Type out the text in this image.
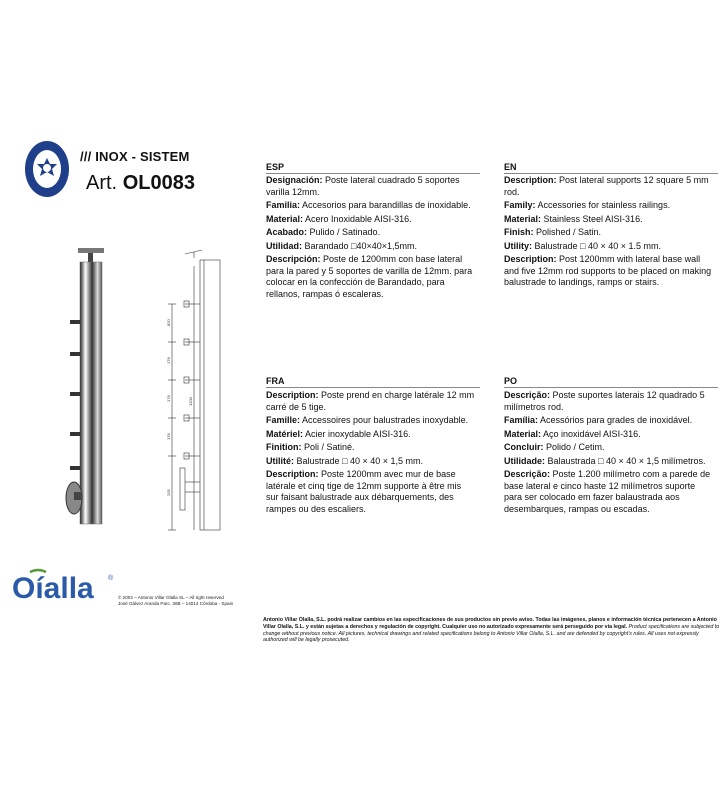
/// INOX - SISTEM
Art. OL0083
820
178
178
178
205
1200
ESP

Designación: Poste lateral cuadrado 5 soportes varilla 12mm.

Familia: Accesorios para barandillas de inoxidable.

Material: Acero Inoxidable AISI-316.

Acabado: Pulido / Satinado.

Utilidad: Barandado □40×40×1,5mm.

Descripción: Poste de 1200mm con base lateral para la pared y 5 soportes de varilla de 12mm. para colocar en la confección de Barandado, para rellanos, rampas ó escaleras.

EN

Description: Post lateral supports 12 square 5 mm rod.

Family: Accessories for stainless railings.

Material: Stainless Steel AISI-316.

Finish: Polished / Satin.

Utility: Balustrade □ 40 × 40 × 1.5 mm.

Description: Post 1200mm with lateral base wall and five 12mm rod supports to be placed on making balustrade to landings, ramps or stairs.

FRA

Description: Poste prend en charge latérale 12 mm carré de 5 tige.

Famille: Accessoires pour balustrades inoxydable.

Matériel: Acier inoxydable AISI-316.

Finition: Poli / Satiné.

Utilité: Balustrade □ 40 × 40 × 1,5 mm.

Description: Poste 1200mm avec mur de base latérale et cinq tige de 12mm supporte à être mis sur faisant balustrade aux débarquements, des rampes ou des escaliers.

PO

Descrição: Poste suportes laterais 12 quadrado 5 milímetros rod.

Família: Acessórios para grades de inoxidável.

Material: Aço inoxidável AISI-316.

Concluir: Polido / Cetim.

Utilidade: Balaustrada □ 40 × 40 × 1,5 milímetros.

Descrição: Poste 1.200 milímetro com a parede de base lateral e cinco haste 12 milímetros suporte para ser colocado em fazer balaustrada aos desembarques, rampas ou escadas.

Oíalla ®
© 2002 – Antonio Villar Olalla SL – All right reserved
José Gálvez Aranda Parc. 36B – 14014 Córdoba - Spain
Antonio Villar Olalla, S.L. podrá realizar cambios en las especificaciones de sus productos sin previo aviso. Todas las imágenes, planos e información técnica pertenecen a Antonio Villar Olalla, S.L. y están sujetas a derechos y regulación de copyright. Cualquier uso no autorizado expresamente será perseguido por vía legal. Product specifications are subjected to change without previous notice. All pictures, technical drawings and related specifications belong to Antonio Villar Olalla, S.L. and are defended by copyright's rules. All uses not expressly authorized will be legally prosecuted.
